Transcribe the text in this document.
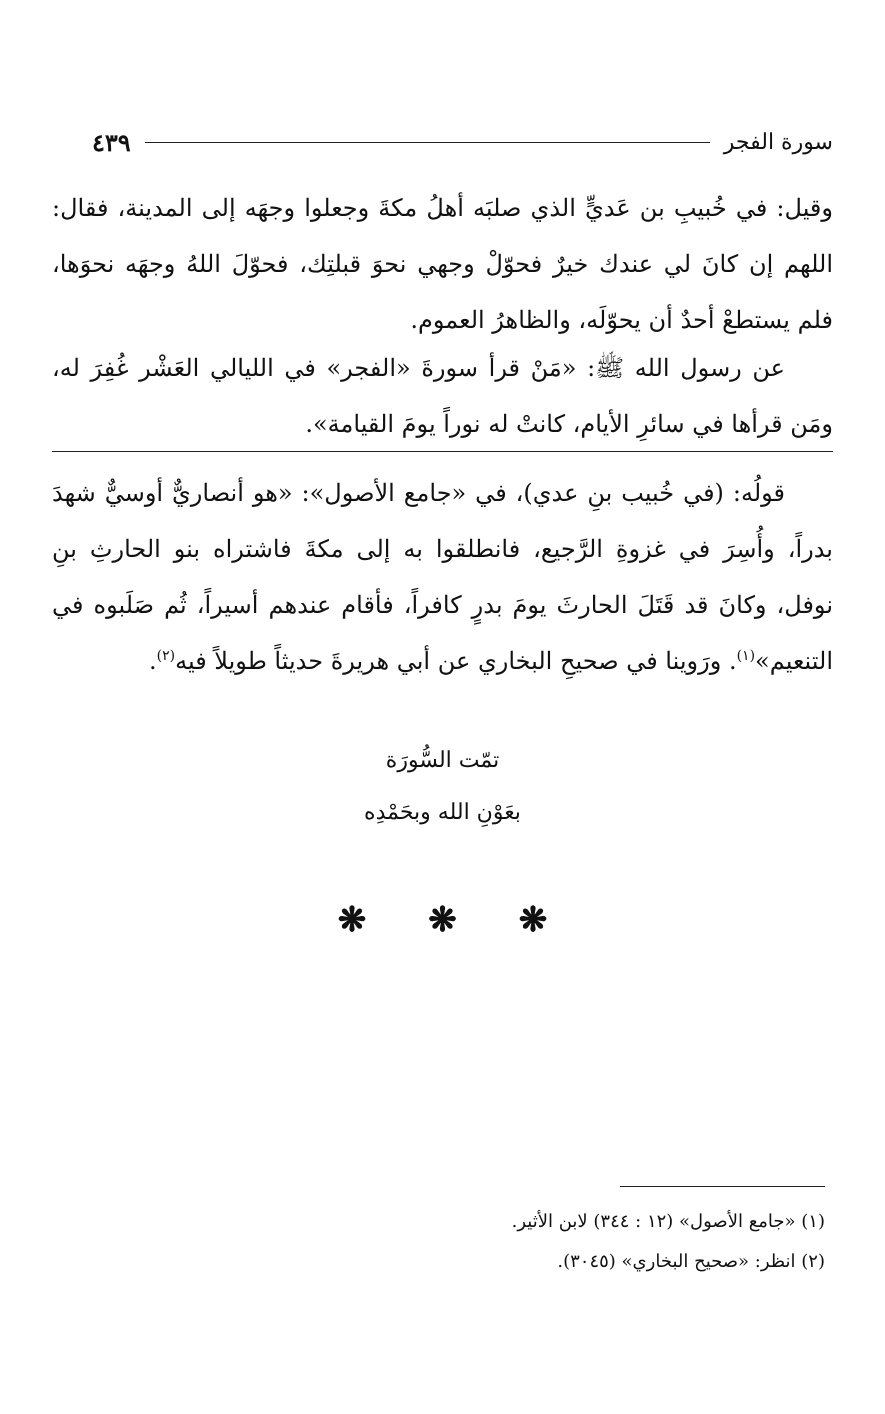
سورة الفجر
٤٣٩

وقيل: في خُبيبِ بن عَديٍّ الذي صلبَه أهلُ مكةَ وجعلوا وجهَه إلى المدينة، فقال: اللهم إن كانَ لي عندك خيرٌ فحوّلْ وجهي نحوَ قبلتِك، فحوّلَ اللهُ وجهَه نحوَها، فلم يستطعْ أحدٌ أن يحوّلَه، والظاهرُ العموم.

عن رسول الله ﷺ: «مَنْ قرأ سورةَ «الفجر» في الليالي العَشْر غُفِرَ له، ومَن قرأها في سائرِ الأيام، كانتْ له نوراً يومَ القيامة».

قولُه: (في خُبيب بنِ عدي)، في «جامع الأصول»: «هو أنصاريٌّ أوسيٌّ شهدَ بدراً، وأُسِرَ في غزوةِ الرَّجيع، فانطلقوا به إلى مكةَ فاشتراه بنو الحارثِ بنِ نوفل، وكانَ قد قَتَلَ الحارثَ يومَ بدرٍ كافراً، فأقام عندهم أسيراً، ثُم صَلَبوه في التنعيم»$^{(١)}$. ورَوينا في صحيحِ البخاري عن أبي هريرةَ حديثاً طويلاً فيه$^{(٢)}$.

تمّت السُّورَة
بعَوْنِ الله وبحَمْدِه
❋ ❋ ❋
(١) «جامع الأصول» (١٢ : ٣٤٤) لابن الأثير.
(٢) انظر: «صحيح البخاري» (٣٠٤٥).
